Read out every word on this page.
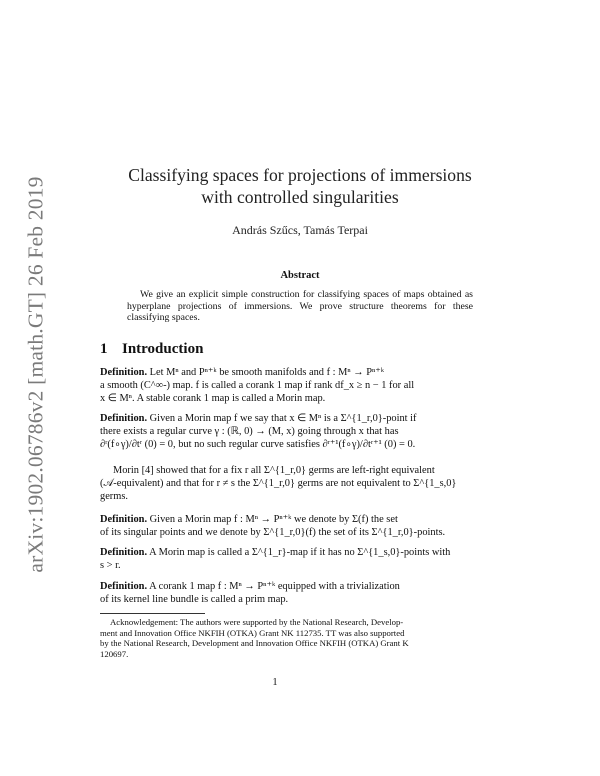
arXiv:1902.06786v2 [math.GT] 26 Feb 2019
Classifying spaces for projections of immersions
with controlled singularities
András Szűcs, Tamás Terpai
Abstract
We give an explicit simple construction for classifying spaces of maps obtained as hyperplane projections of immersions. We prove structure theorems for these classifying spaces.
1 Introduction
Definition. Let Mⁿ and Pⁿ⁺ᵏ be smooth manifolds and f : Mⁿ → Pⁿ⁺ᵏ
a smooth (C^∞-) map. f is called a corank 1 map if rank df_x ≥ n − 1 for all
x ∈ Mⁿ. A stable corank 1 map is called a Morin map.
Definition. Given a Morin map f we say that x ∈ Mⁿ is a Σ^{1_r,0}-point if
there exists a regular curve γ : (ℝ, 0) → (M, x) going through x that has
∂ʳ(f∘γ)/∂tʳ (0) = 0, but no such regular curve satisfies ∂ʳ⁺¹(f∘γ)/∂tʳ⁺¹ (0) = 0.
Morin [4] showed that for a fix r all Σ^{1_r,0} germs are left-right equivalent
(𝒜-equivalent) and that for r ≠ s the Σ^{1_r,0} germs are not equivalent to Σ^{1_s,0}
germs.
Definition. Given a Morin map f : Mⁿ → Pⁿ⁺ᵏ we denote by Σ(f) the set
of its singular points and we denote by Σ^{1_r,0}(f) the set of its Σ^{1_r,0}-points.
Definition. A Morin map is called a Σ^{1_r}-map if it has no Σ^{1_s,0}-points with
s > r.
Definition. A corank 1 map f : Mⁿ → Pⁿ⁺ᵏ equipped with a trivialization
of its kernel line bundle is called a prim map.
Acknowledgement: The authors were supported by the National Research, Develop-
ment and Innovation Office NKFIH (OTKA) Grant NK 112735. TT was also supported
by the National Research, Development and Innovation Office NKFIH (OTKA) Grant K
120697.
1
